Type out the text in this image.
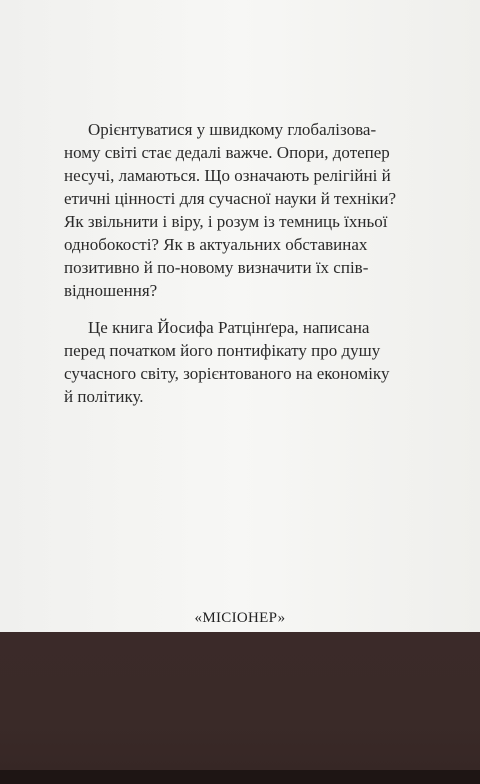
Орієнтуватися у швидкому глобалізова-
ному світі стає дедалі важче. Опори, дотепер
несучі, ламаються. Що означають релігійні й
етичні цінності для сучасної науки й техніки?
Як звільнити і віру, і розум із темниць їхньої
однобокості? Як в актуальних обставинах
позитивно й по-новому визначити їх спів-
відношення?

Це книга Йосифа Ратцінґера, написана
перед початком його понтифікату про душу
сучасного світу, зорієнтованого на економіку
й політику.

«МІСІОНЕР»
